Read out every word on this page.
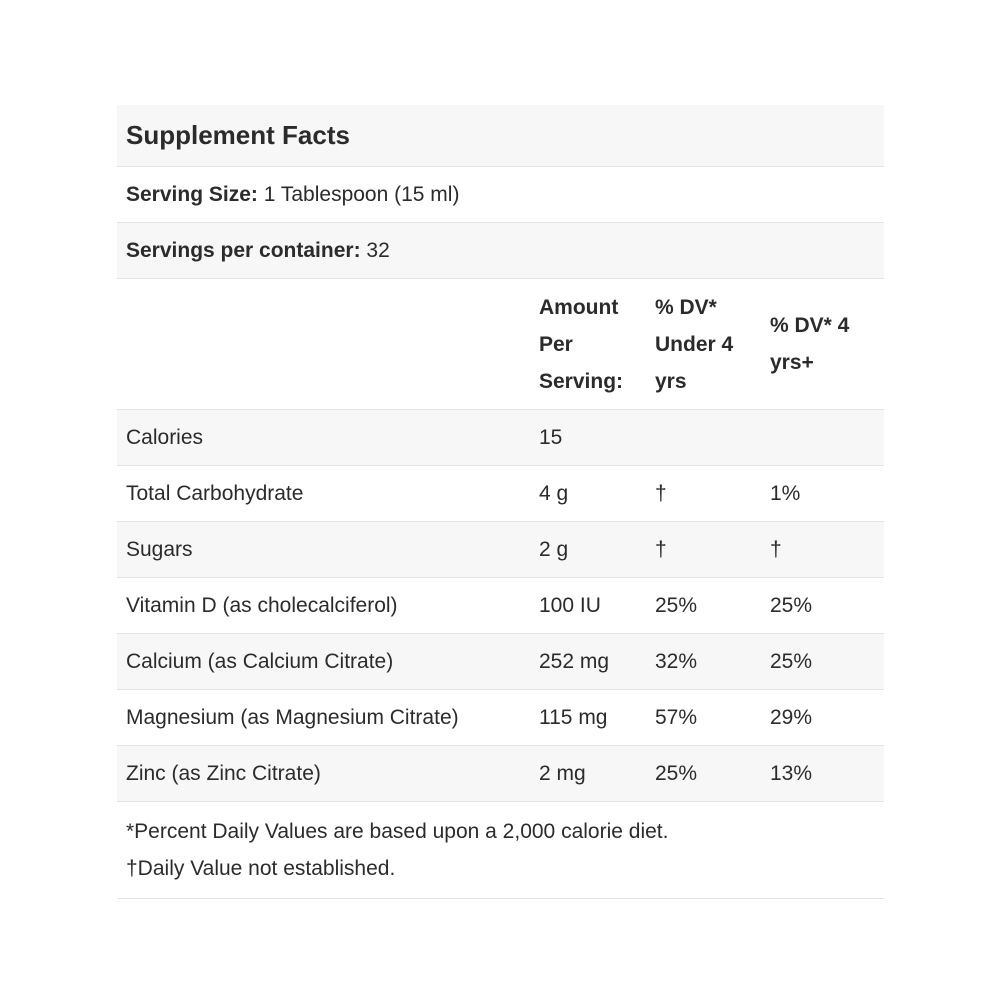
Supplement Facts			
Serving Size: 1 Tablespoon (15 ml)			
Servings per container: 32			
	Amount Per Serving:	% DV* Under 4 yrs	% DV* 4 yrs+
Calories	15		
Total Carbohydrate	4 g	†	1%
Sugars	2 g	†	†
Vitamin D (as cholecalciferol)	100 IU	25%	25%
Calcium (as Calcium Citrate)	252 mg	32%	25%
Magnesium (as Magnesium Citrate)	115 mg	57%	29%
Zinc (as Zinc Citrate)	2 mg	25%	13%

*Percent Daily Values are based upon a 2,000 calorie diet.
†Daily Value not established.			
